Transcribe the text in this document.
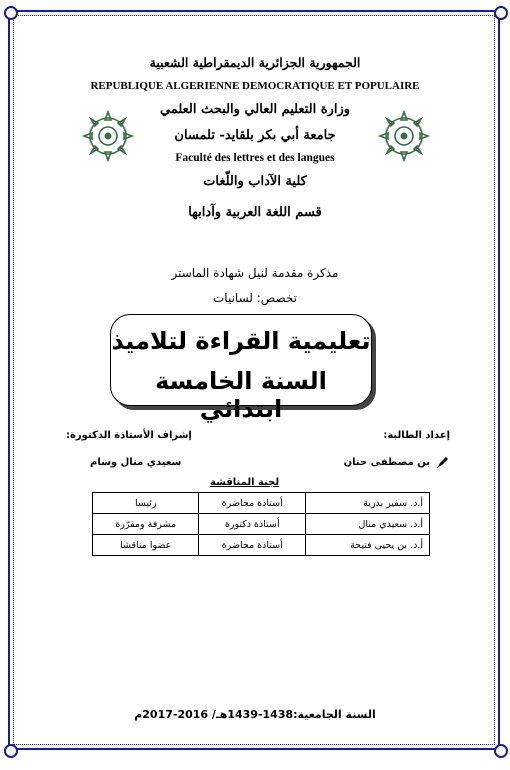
الجمهورية الجزائرية الديمقراطية الشعبية
REPUBLIQUE ALGERIENNE DEMOCRATIQUE ET POPULAIRE
وزارة التعليم العالي والبحث العلمي
جامعة أبي بكر بلقايد- تلمسان
Faculté des lettres et des langues
كلية الآداب واللّغات
قسم اللغة العربية وآدابها
مذكرة مقدمة لنيل شهادة الماستر
تخصص: لسانيات
تعليمية القراءة لتلاميذ
السنة الخامسة ابتدائي
إعداد الطالبة:
إشراف الأستاذة الدكتورة:
بن مصطفى حنان
سعيدي منال وسام
لجنة المناقشة
أ.د. سفير بدرية	أستاذة محاضرة	رئيسا
أ.د. سعيدي منال	أستاذة دكتورة	مشرفة ومقرّرة
أ.د. بن يحيى فتيحة	أستاذة محاضرة	عضوا مناقشا
السنة الجامعية:1438-1439هـ/ 2016-2017م
